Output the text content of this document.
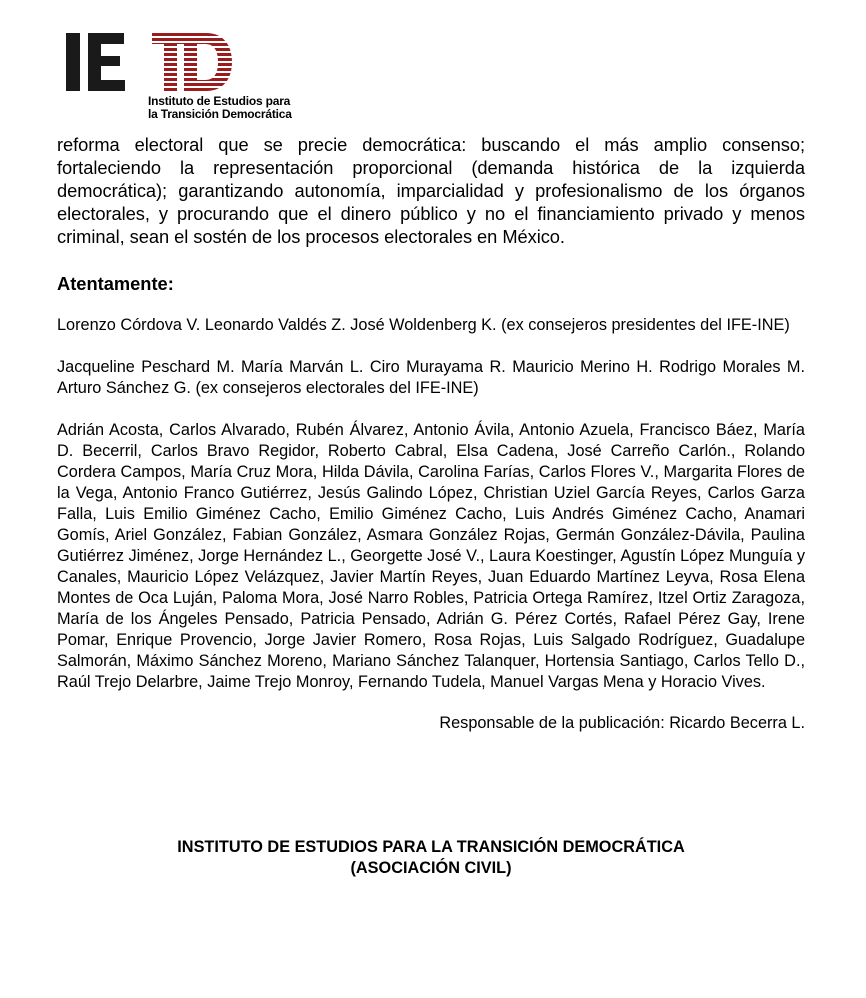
Instituto de Estudios para
la Transición Democrática

reforma electoral que se precie democrática: buscando el más amplio consenso; fortaleciendo la representación proporcional (demanda histórica de la izquierda democrática); garantizando autonomía, imparcialidad y profesionalismo de los órganos electorales, y procurando que el dinero público y no el financiamiento privado y menos criminal, sean el sostén de los procesos electorales en México.

Atentamente:

Lorenzo Córdova V. Leonardo Valdés Z. José Woldenberg K. (ex consejeros presidentes del IFE-INE)

Jacqueline Peschard M. María Marván L. Ciro Murayama R. Mauricio Merino H. Rodrigo Morales M. Arturo Sánchez G. (ex consejeros electorales del IFE-INE)

Adrián Acosta, Carlos Alvarado, Rubén Álvarez, Antonio Ávila, Antonio Azuela, Francisco Báez, María D. Becerril, Carlos Bravo Regidor, Roberto Cabral, Elsa Cadena, José Carreño Carlón., Rolando Cordera Campos, María Cruz Mora, Hilda Dávila, Carolina Farías, Carlos Flores V., Margarita Flores de la Vega, Antonio Franco Gutiérrez, Jesús Galindo López, Christian Uziel García Reyes, Carlos Garza Falla, Luis Emilio Giménez Cacho, Emilio Giménez Cacho, Luis Andrés Giménez Cacho, Anamari Gomís, Ariel González, Fabian González, Asmara González Rojas, Germán González-Dávila, Paulina Gutiérrez Jiménez, Jorge Hernández L., Georgette José V., Laura Koestinger, Agustín López Munguía y Canales, Mauricio López Velázquez, Javier Martín Reyes, Juan Eduardo Martínez Leyva, Rosa Elena Montes de Oca Luján, Paloma Mora, José Narro Robles, Patricia Ortega Ramírez, Itzel Ortiz Zaragoza, María de los Ángeles Pensado, Patricia Pensado, Adrián G. Pérez Cortés, Rafael Pérez Gay, Irene Pomar, Enrique Provencio, Jorge Javier Romero, Rosa Rojas, Luis Salgado Rodríguez, Guadalupe Salmorán, Máximo Sánchez Moreno, Mariano Sánchez Talanquer, Hortensia Santiago, Carlos Tello D., Raúl Trejo Delarbre, Jaime Trejo Monroy, Fernando Tudela, Manuel Vargas Mena y Horacio Vives.

Responsable de la publicación: Ricardo Becerra L.

INSTITUTO DE ESTUDIOS PARA LA TRANSICIÓN DEMOCRÁTICA
(ASOCIACIÓN CIVIL)
